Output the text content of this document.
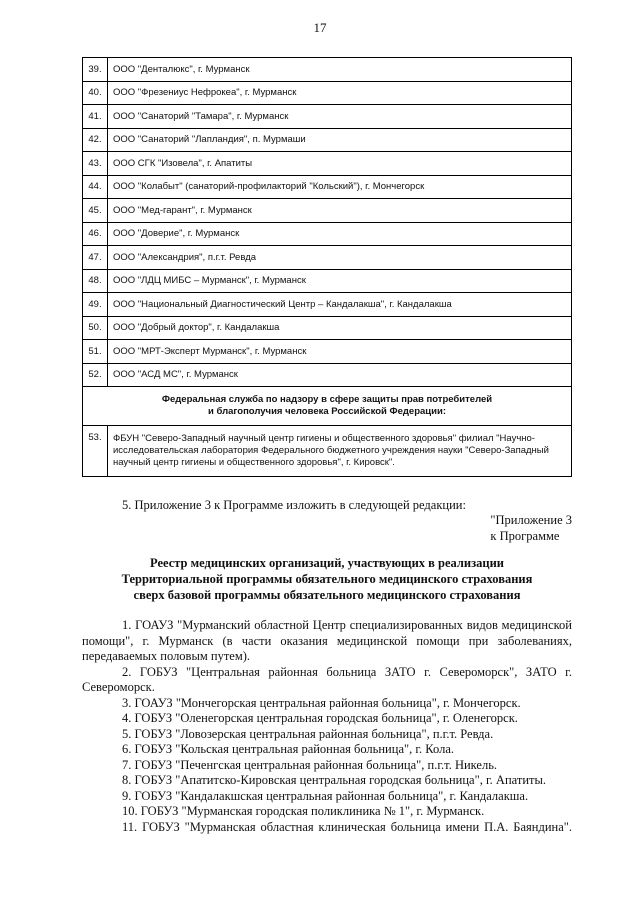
17
39.	ООО "Денталюкс", г. Мурманск
40.	ООО "Фрезениус Нефрокеа", г. Мурманск
41.	ООО "Санаторий "Тамара", г. Мурманск
42.	ООО "Санаторий "Лапландия", п. Мурмаши
43.	ООО СГК "Изовела", г. Апатиты
44.	ООО "Колабыт" (санаторий-профилакторий "Кольский"), г. Мончегорск
45.	ООО "Мед-гарант", г. Мурманск
46.	ООО "Доверие", г. Мурманск
47.	ООО "Александрия", п.г.т. Ревда
48.	ООО "ЛДЦ МИБС – Мурманск", г. Мурманск
49.	ООО "Национальный Диагностический Центр – Кандалакша", г. Кандалакша
50.	ООО "Добрый доктор", г. Кандалакша
51.	ООО "МРТ-Эксперт Мурманск", г. Мурманск
52.	ООО "АСД МС", г. Мурманск

Федеральная служба по надзору в сфере защиты прав потребителей
и благополучия человека Российской Федерации:	

53.	ФБУН "Северо-Западный научный центр гигиены и общественного здоровья" филиал "Научно-исследовательская лаборатория Федерального бюджетного учреждения науки "Северо-Западный научный центр гигиены и общественного здоровья", г. Кировск".
5. Приложение 3 к Программе изложить в следующей редакции:
"Приложение 3
к Программе
Реестр медицинских организаций, участвующих в реализации
Территориальной программы обязательного медицинского страхования
сверх базовой программы обязательного медицинского страхования

1. ГОАУЗ "Мурманский областной Центр специализированных видов медицинской помощи", г. Мурманск (в части оказания медицинской помощи при заболеваниях, передаваемых половым путем).

2. ГОБУЗ "Центральная районная больница ЗАТО г. Североморск", ЗАТО г. Североморск.

3. ГОАУЗ "Мончегорская центральная районная больница", г. Мончегорск.

4. ГОБУЗ "Оленегорская центральная городская больница", г. Оленегорск.

5. ГОБУЗ "Ловозерская центральная районная больница", п.г.т. Ревда.

6. ГОБУЗ "Кольская центральная районная больница", г. Кола.

7. ГОБУЗ "Печенгская центральная районная больница", п.г.т. Никель.

8. ГОБУЗ "Апатитско-Кировская центральная городская больница", г. Апатиты.

9. ГОБУЗ "Кандалакшская центральная районная больница", г. Кандалакша.

10. ГОБУЗ "Мурманская городская поликлиника № 1", г. Мурманск.

11. ГОБУЗ "Мурманская областная клиническая больница имени П.А. Баяндина".
